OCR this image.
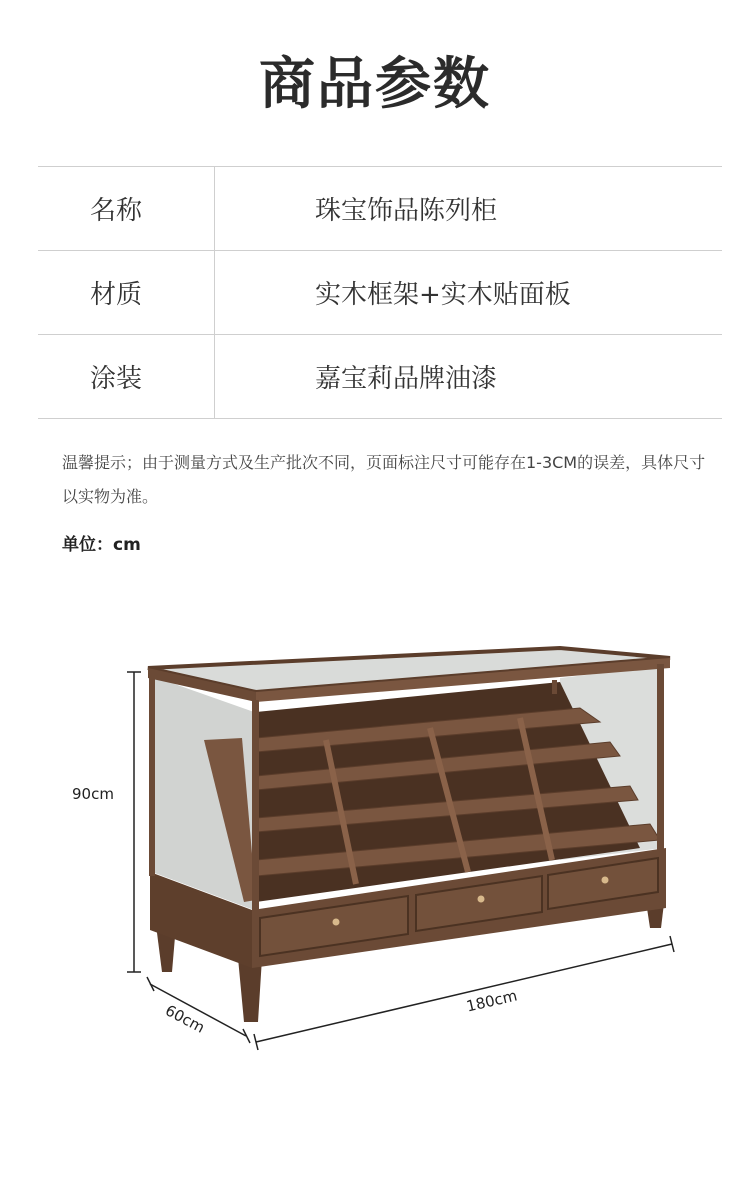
商品参数
名称	珠宝饰品陈列柜
材质	实木框架+实木贴面板
涂装	嘉宝莉品牌油漆
温馨提示；由于测量方式及生产批次不同，页面标注尺寸可能存在1-3CM的误差，具体尺寸以实物为准。
单位：cm
90cm
60cm
180cm
